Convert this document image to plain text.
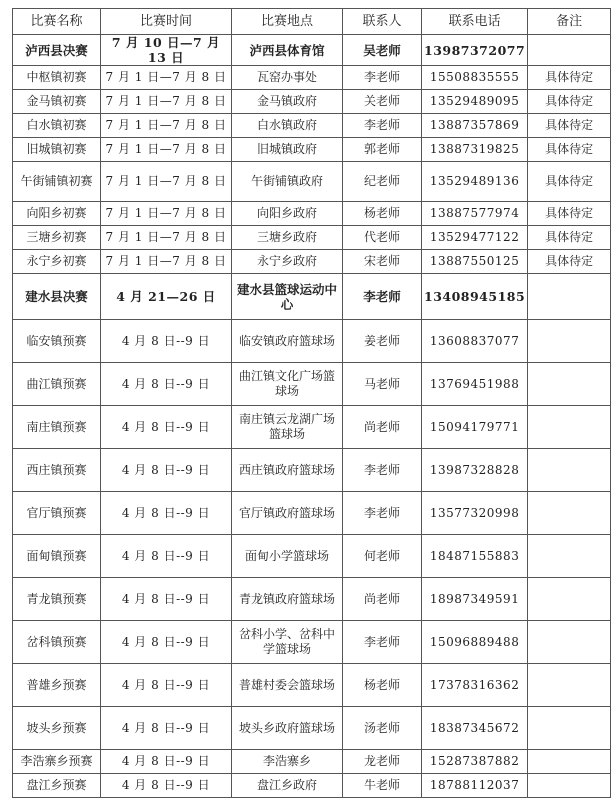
比赛名称	比赛时间	比赛地点	联系人	联系电话	备注
泸西县决赛	7 月 10 日—7 月 13 日	泸西县体育馆	吴老师	13987372077	
中枢镇初赛	7 月 1 日—7 月 8 日	瓦窑办事处	李老师	15508835555	具体待定
金马镇初赛	7 月 1 日—7 月 8 日	金马镇政府	关老师	13529489095	具体待定
白水镇初赛	7 月 1 日—7 月 8 日	白水镇政府	李老师	13887357869	具体待定
旧城镇初赛	7 月 1 日—7 月 8 日	旧城镇政府	郭老师	13887319825	具体待定
午街铺镇初赛	7 月 1 日—7 月 8 日	午街铺镇政府	纪老师	13529489136	具体待定
向阳乡初赛	7 月 1 日—7 月 8 日	向阳乡政府	杨老师	13887577974	具体待定
三塘乡初赛	7 月 1 日—7 月 8 日	三塘乡政府	代老师	13529477122	具体待定
永宁乡初赛	7 月 1 日—7 月 8 日	永宁乡政府	宋老师	13887550125	具体待定
建水县决赛	4 月 21—26 日	建水县篮球运动中心	李老师	13408945185	
临安镇预赛	4 月 8 日--9 日	临安镇政府篮球场	姜老师	13608837077	
曲江镇预赛	4 月 8 日--9 日	曲江镇文化广场篮球场	马老师	13769451988	
南庄镇预赛	4 月 8 日--9 日	南庄镇云龙湖广场篮球场	尚老师	15094179771	
西庄镇预赛	4 月 8 日--9 日	西庄镇政府篮球场	李老师	13987328828	
官厅镇预赛	4 月 8 日--9 日	官厅镇政府篮球场	李老师	13577320998	
面甸镇预赛	4 月 8 日--9 日	面甸小学篮球场	何老师	18487155883	
青龙镇预赛	4 月 8 日--9 日	青龙镇政府篮球场	尚老师	18987349591	
岔科镇预赛	4 月 8 日--9 日	岔科小学、岔科中学篮球场	李老师	15096889488	
普雄乡预赛	4 月 8 日--9 日	普雄村委会篮球场	杨老师	17378316362	
坡头乡预赛	4 月 8 日--9 日	坡头乡政府篮球场	汤老师	18387345672	
李浩寨乡预赛	4 月 8 日--9 日	李浩寨乡	龙老师	15287387882	
盘江乡预赛	4 月 8 日--9 日	盘江乡政府	牛老师	18788112037	
